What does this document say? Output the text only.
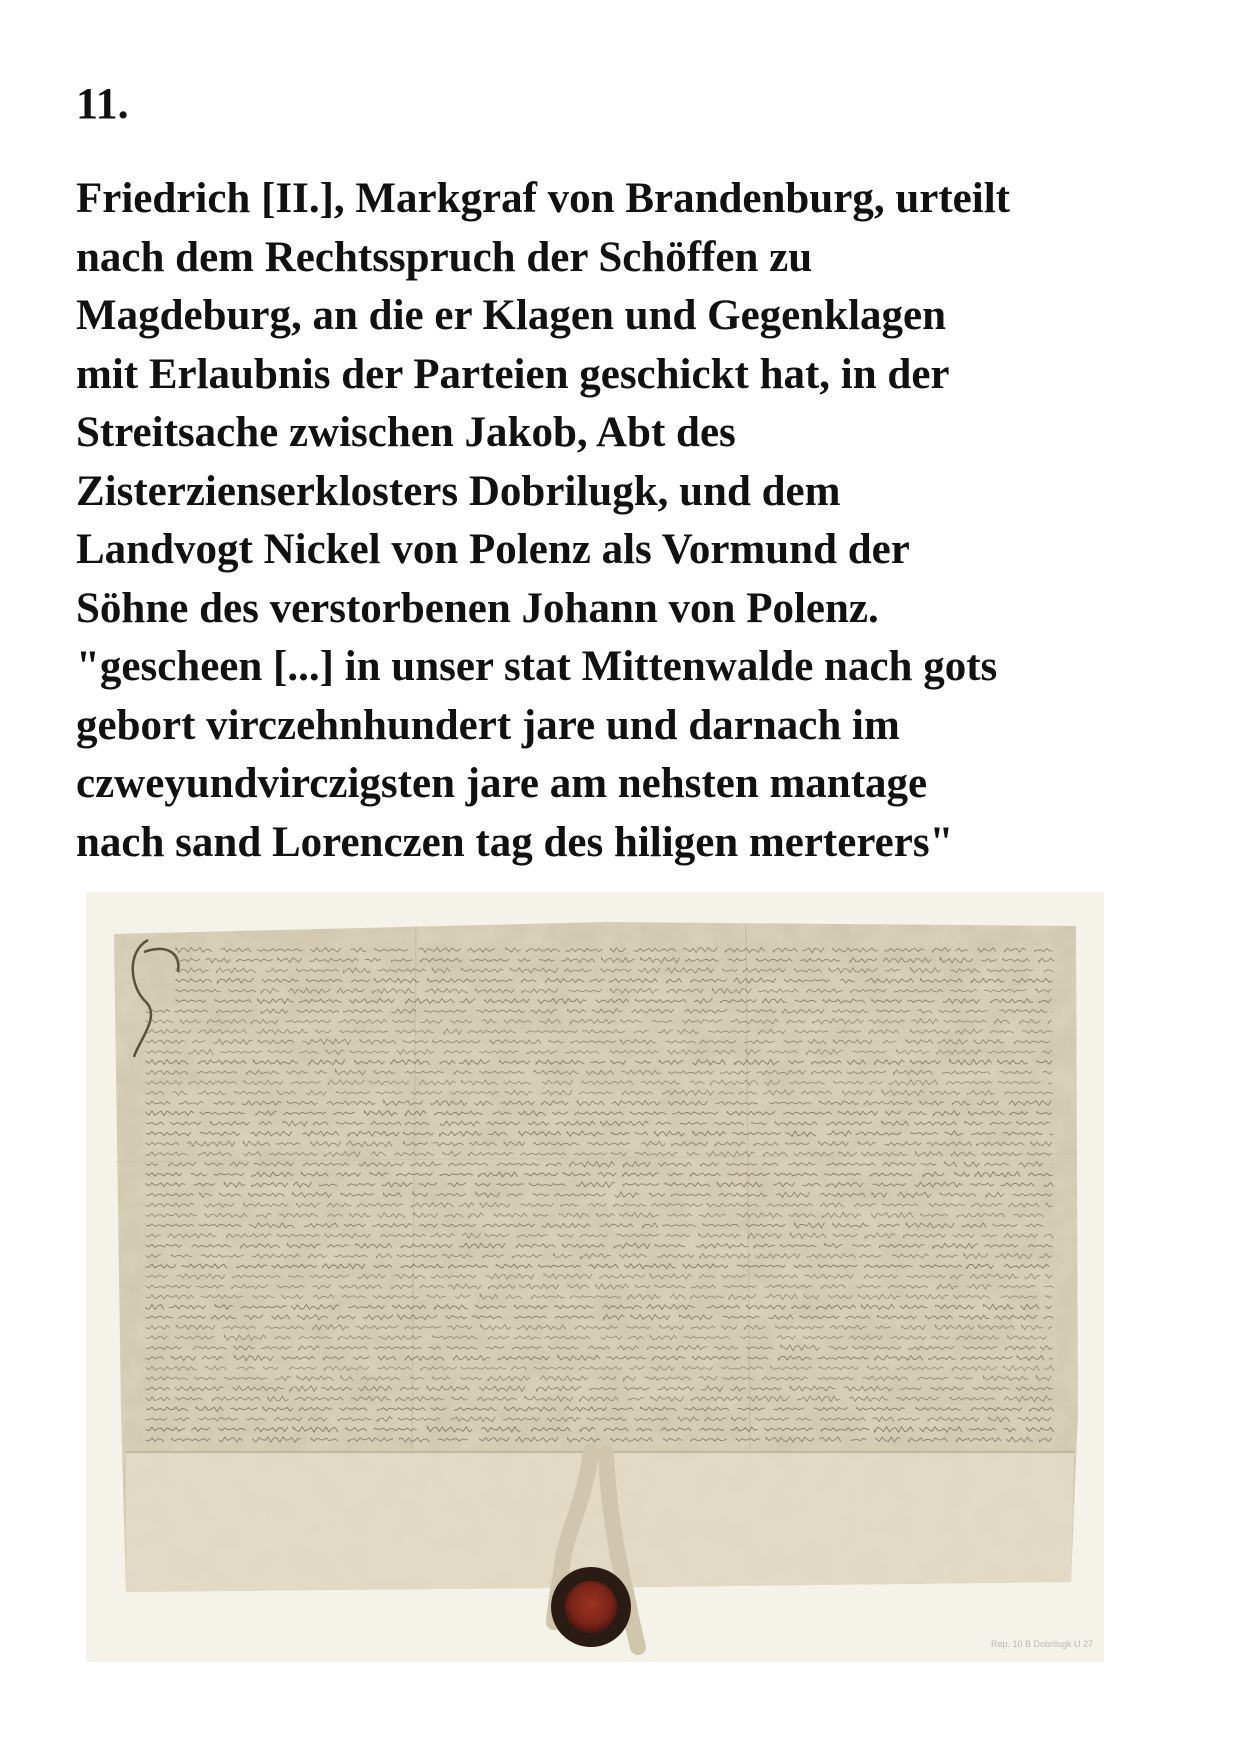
11.
Friedrich [II.], Markgraf von Brandenburg, urteilt
nach dem Rechtsspruch der Schöffen zu
Magdeburg, an die er Klagen und Gegenklagen
mit Erlaubnis der Parteien geschickt hat, in der
Streitsache zwischen Jakob, Abt des
Zisterzienserklosters Dobrilugk, und dem
Landvogt Nickel von Polenz als Vormund der
Söhne des verstorbenen Johann von Polenz.
"gescheen [...] in unser stat Mittenwalde nach gots
gebort virczehnhundert jare und darnach im
czweyundvirczigsten jare am nehsten mantage
nach sand Lorenczen tag des hiligen merterers"
Rep. 10 B Dobrilugk U 27
